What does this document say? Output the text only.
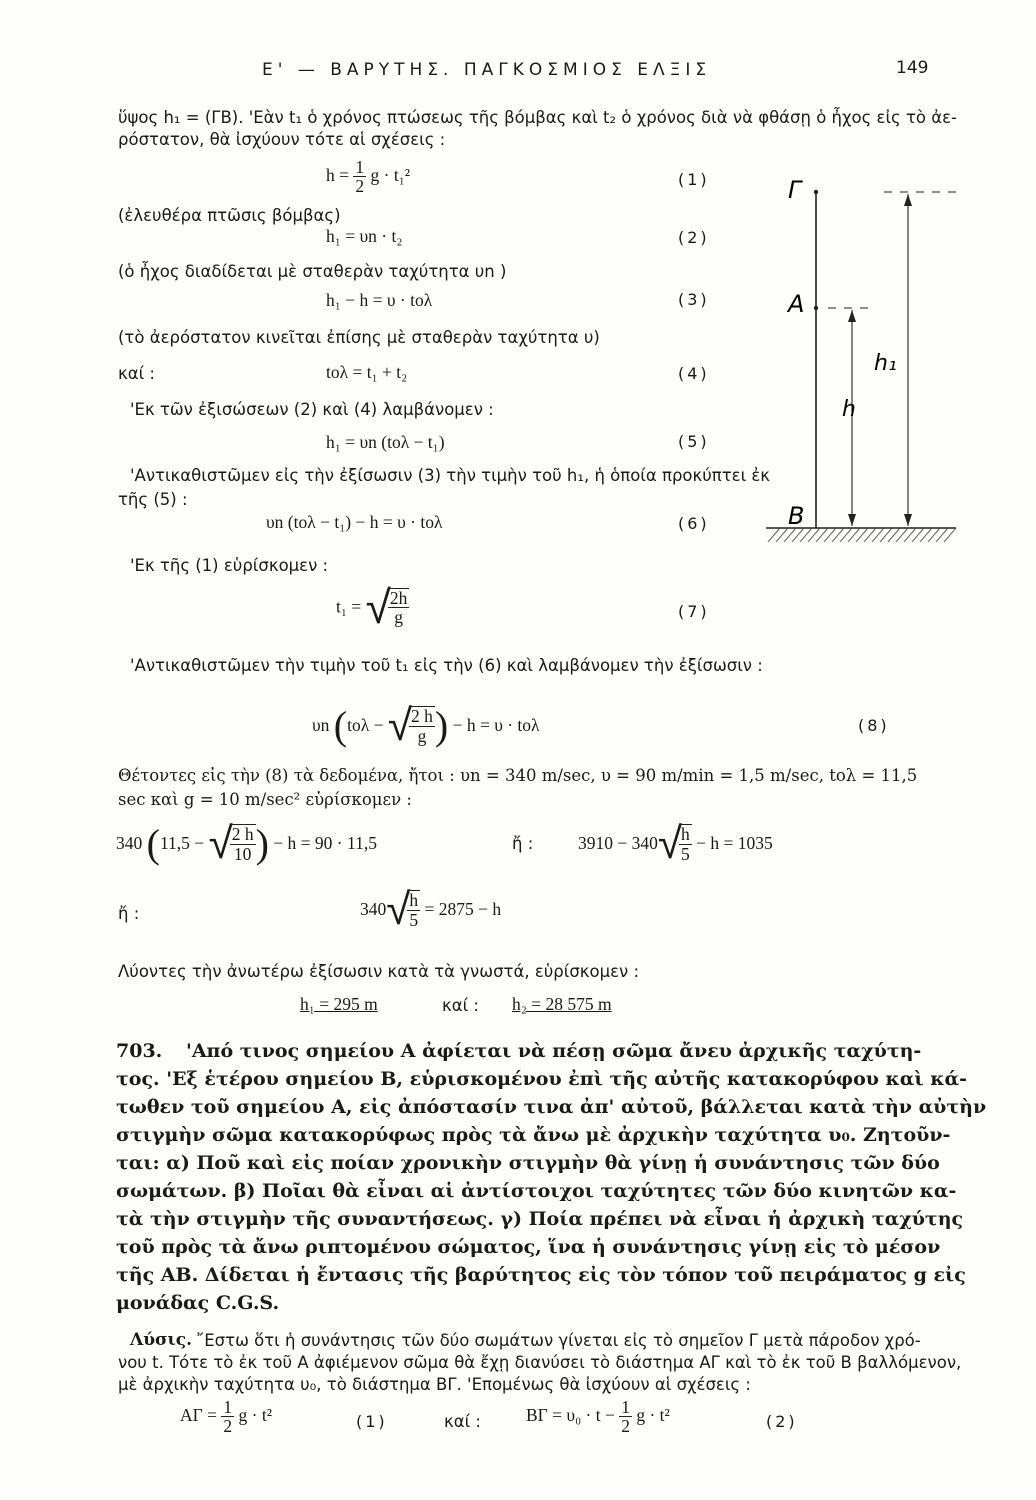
Ε' — ΒΑΡΥΤΗΣ. ΠΑΓΚΟΣΜΙΟΣ ΕΛΞΙΣ	149
ὕψος h₁ = (ΓΒ). 'Εὰν t₁ ὁ χρόνος πτώσεως τῆς βόμβας καὶ t₂ ὁ χρόνος διὰ νὰ φθάσῃ ὁ ἦχος εἰς τὸ ἀε-
ρόστατον, θὰ ἰσχύουν τότε αἱ σχέσεις :
$h = \frac{1}{2}$ g · t₁²	(1)
(ἐλευθέρα πτῶσις βόμβας)
h₁ = υn · t₂	(2)
(ὁ ἦχος διαδίδεται μὲ σταθερὰν ταχύτητα υn )
h₁ − h = υ · tολ	(3)
(τὸ ἀερόστατον κινεῖται ἐπίσης μὲ σταθερὰν ταχύτητα υ)
καί :	tολ = t₁ + t₂	(4)
'Εκ τῶν ἐξισώσεων (2) καὶ (4) λαμβάνομεν :
h₁ = υn (tολ − t₁)	(5)
'Αντικαθιστῶμεν εἰς τὴν ἐξίσωσιν (3) τὴν τιμὴν τοῦ h₁, ἡ ὁποία προκύπτει ἐκ
τῆς (5) :
υn (tολ − t₁) − h = υ · tολ	(6)
'Εκ τῆς (1) εὑρίσκομεν :
t₁ = √
$\frac{2h}{g}$	(7)
'Αντικαθιστῶμεν τὴν τιμὴν τοῦ t₁ εἰς τὴν (6) καὶ λαμβάνομεν τὴν ἐξίσωσιν :
υn (tολ − √
$\frac{2 h}{g}$ ) − h = υ · tολ	(8)
Θέτοντες εἰς τὴν (8) τὰ δεδομένα, ἤτοι : υn = 340 m/sec, υ = 90 m/min = 1,5 m/sec, tολ = 11,5
sec καὶ g = 10 m/sec² εὑρίσκομεν :
340 (11,5 − √
$\frac{2 h}{10}$ ) − h = 90 · 11,5	ἤ :	3910 − 340√
$\frac{h}{5} - h = 1035$
ἤ :	340√
$\frac{h}{5} = 2875 - h$
Λύοντες τὴν ἀνωτέρω ἐξίσωσιν κατὰ τὰ γνωστά, εὑρίσκομεν :
h₁ = 295 m	καί : h₂ = 28 575 m
703. 'Από τινος σημείου Α ἀφίεται νὰ πέσῃ σῶμα ἄνευ ἀρχικῆς ταχύτη-
τος. 'Εξ ἑτέρου σημείου Β, εὑρισκομένου ἐπὶ τῆς αὐτῆς κατακορύφου καὶ κά-
τωθεν τοῦ σημείου Α, εἰς ἀπόστασίν τινα ἀπ' αὐτοῦ, βάλλεται κατὰ τὴν αὐτὴν
στιγμὴν σῶμα κατακορύφως πρὸς τὰ ἄνω μὲ ἀρχικὴν ταχύτητα υ₀. Ζητοῦν-
ται: α) Ποῦ καὶ εἰς ποίαν χρονικὴν στιγμὴν θὰ γίνῃ ἡ συνάντησις τῶν δύο
σωμάτων. β) Ποῖαι θὰ εἶναι αἱ ἀντίστοιχοι ταχύτητες τῶν δύο κινητῶν κα-
τὰ τὴν στιγμὴν τῆς συναντήσεως. γ) Ποία πρέπει νὰ εἶναι ἡ ἀρχικὴ ταχύτης
τοῦ πρὸς τὰ ἄνω ριπτομένου σώματος, ἵνα ἡ συνάντησις γίνῃ εἰς τὸ μέσον
τῆς ΑΒ. Δίδεται ἡ ἔντασις τῆς βαρύτητος εἰς τὸν τόπον τοῦ πειράματος g εἰς
μονάδας C.G.S.
Λύσις. ῎Εστω ὅτι ἡ συνάντησις τῶν δύο σωμάτων γίνεται εἰς τὸ σημεῖον Γ μετὰ πάροδον χρό-
νου t. Τότε τὸ ἐκ τοῦ Α ἀφιέμενον σῶμα θὰ ἔχῃ διανύσει τὸ διάστημα ΑΓ καὶ τὸ ἐκ τοῦ Β βαλλόμενον,
μὲ ἀρχικὴν ταχύτητα υ₀, τὸ διάστημα ΒΓ. 'Επομένως θὰ ἰσχύουν αἱ σχέσεις :
$A\Gamma = \frac{1}{2}$ g · t²	(1)	καί :	$B\Gamma = \upsilon_0 \cdot t - \frac{1}{2}$ g · t²	(2)
Γ
Α
Β
h₁
h
